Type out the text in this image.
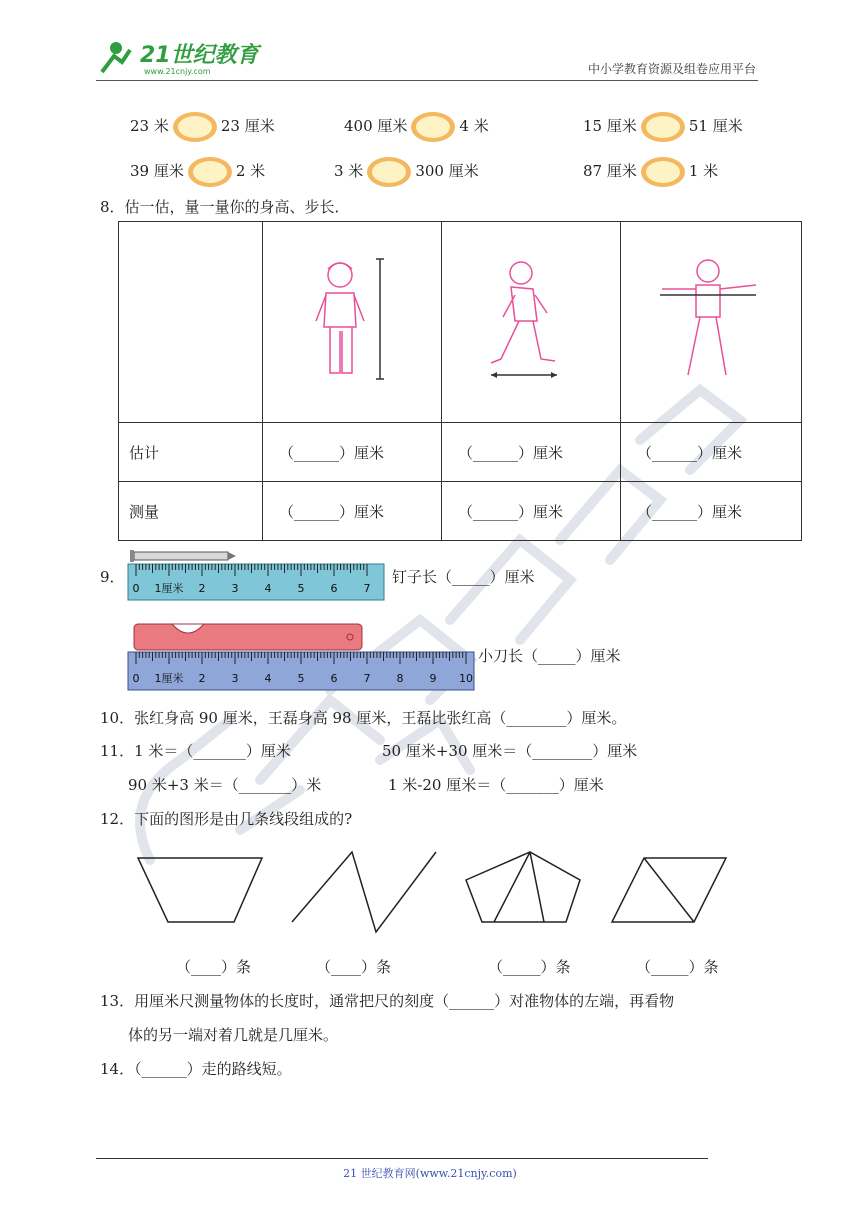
21世纪教育
www.21cnjy.com	中小学教育资源及组卷应用平台
23 米	23 厘米	400 厘米	4 米	15 厘米	51 厘米
39 厘米	2 米	3 米	300 厘米	87 厘米	1 米
8．估一估，量一量你的身高、步长．

估计	（______）厘米	（______）厘米	（______）厘米
测量	（______）厘米	（______）厘米	（______）厘米
9．
0 1厘米 2 3 4 5 6 7
钉子长（_____）厘米
0 1厘米 2 3 4 5 6 7 8 9 10
小刀长（_____）厘米
10．张红身高 90 厘米，王磊身高 98 厘米，王磊比张红高（________）厘米。
11．1 米＝（_______）厘米	50 厘米+30 厘米＝（________）厘米
90 米+3 米＝（_______）米	1 米-20 厘米＝（_______）厘米
12．下面的图形是由几条线段组成的?
（____）条	（____）条	（_____）条	（_____）条
13．用厘米尺测量物体的长度时，通常把尺的刻度（______）对准物体的左端，再看物
体的另一端对着几就是几厘米。
14．（______）走的路线短。
21 世纪教育网(www.21cnjy.com)
